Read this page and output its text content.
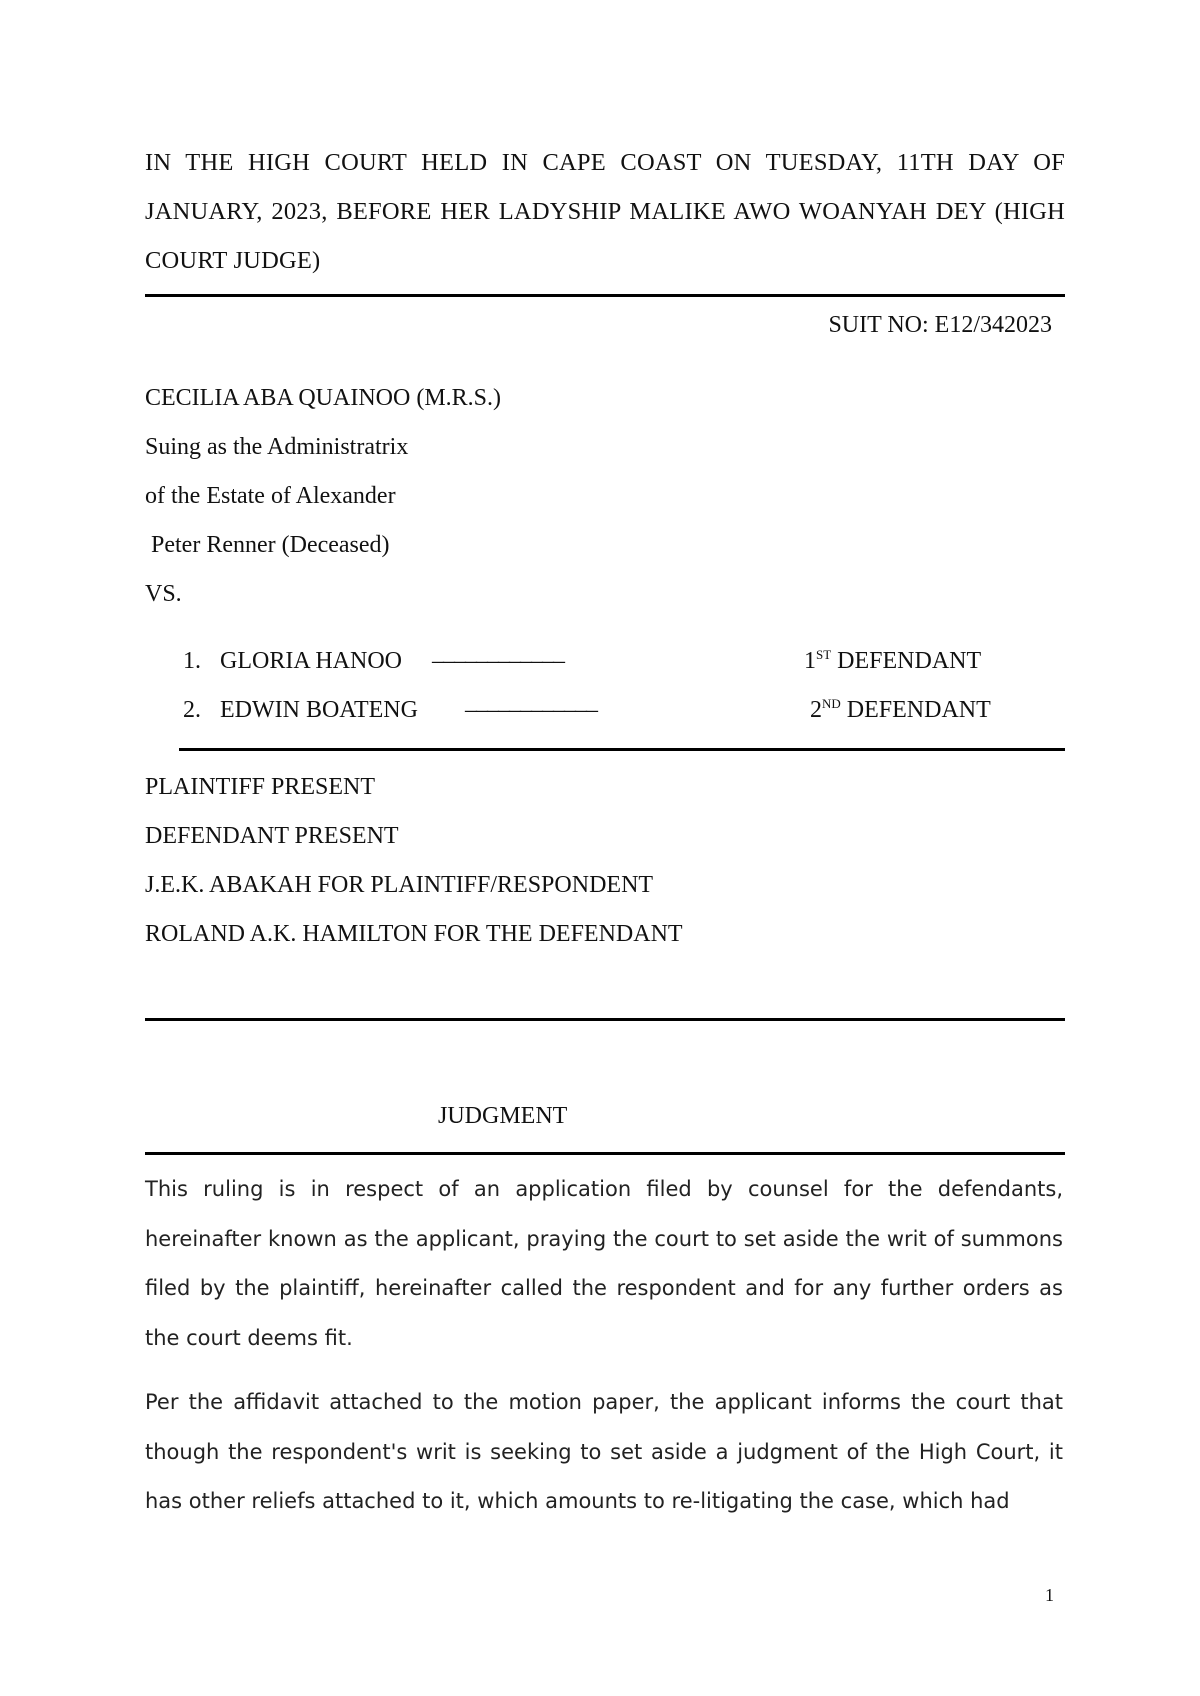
IN THE HIGH COURT HELD IN CAPE COAST ON TUESDAY, 11TH DAY OF JANUARY, 2023, BEFORE HER LADYSHIP MALIKE AWO WOANYAH DEY (HIGH COURT JUDGE)
SUIT NO: E12/342023
CECILIA ABA QUAINOO (M.R.S.)
Suing as the Administratrix
of the Estate of Alexander
Peter Renner (Deceased)
VS.
1. GLORIA HANOO ––––––––––––	1ST DEFENDANT
2. EDWIN BOATENG ––––––––––––	2ND DEFENDANT
PLAINTIFF PRESENT
DEFENDANT PRESENT
J.E.K. ABAKAH FOR PLAINTIFF/RESPONDENT
ROLAND A.K. HAMILTON FOR THE DEFENDANT
JUDGMENT
This ruling is in respect of an application filed by counsel for the defendants, hereinafter known as the applicant, praying the court to set aside the writ of summons filed by the plaintiff, hereinafter called the respondent and for any further orders as the court deems fit.
Per the affidavit attached to the motion paper, the applicant informs the court that though the respondent's writ is seeking to set aside a judgment of the High Court, it has other reliefs attached to it, which amounts to re-litigating the case, which had
1
